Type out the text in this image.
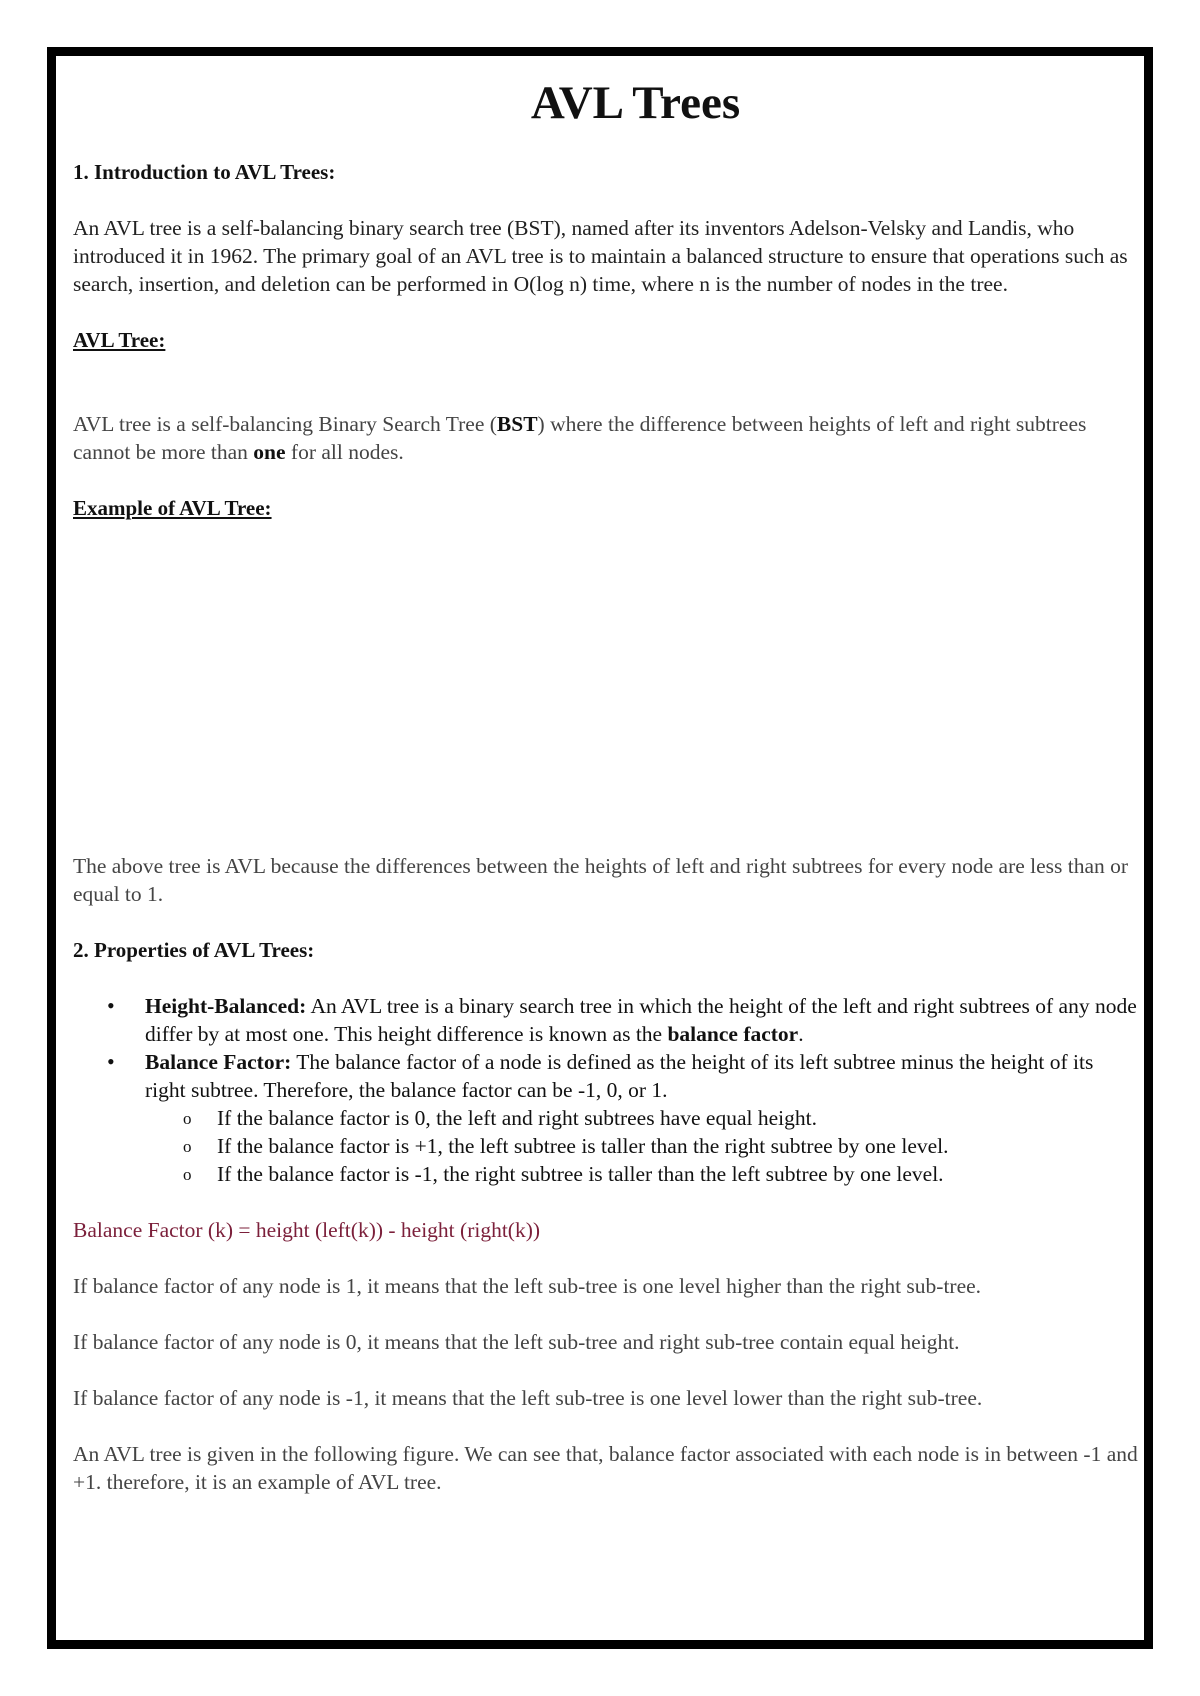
AVL Trees

1. Introduction to AVL Trees:

An AVL tree is a self-balancing binary search tree (BST), named after its inventors Adelson-Velsky and Landis, who introduced it in 1962. The primary goal of an AVL tree is to maintain a balanced structure to ensure that operations such as search, insertion, and deletion can be performed in O(log n) time, where n is the number of nodes in the tree.

AVL Tree:

AVL tree is a self-balancing Binary Search Tree (BST) where the difference between heights of left and right subtrees cannot be more than one for all nodes.

Example of AVL Tree:

The above tree is AVL because the differences between the heights of left and right subtrees for every node are less than or equal to 1.

2. Properties of AVL Trees:

• Height-Balanced: An AVL tree is a binary search tree in which the height of the left and right subtrees of any node differ by at most one. This height difference is known as the balance factor.
• Balance Factor: The balance factor of a node is defined as the height of its left subtree minus the height of its right subtree. Therefore, the balance factor can be -1, 0, or 1.
o If the balance factor is 0, the left and right subtrees have equal height.
o If the balance factor is +1, the left subtree is taller than the right subtree by one level.
o If the balance factor is -1, the right subtree is taller than the left subtree by one level.

Balance Factor (k) = height (left(k)) - height (right(k))

If balance factor of any node is 1, it means that the left sub-tree is one level higher than the right sub-tree.

If balance factor of any node is 0, it means that the left sub-tree and right sub-tree contain equal height.

If balance factor of any node is -1, it means that the left sub-tree is one level lower than the right sub-tree.

An AVL tree is given in the following figure. We can see that, balance factor associated with each node is in between -1 and +1. therefore, it is an example of AVL tree.
